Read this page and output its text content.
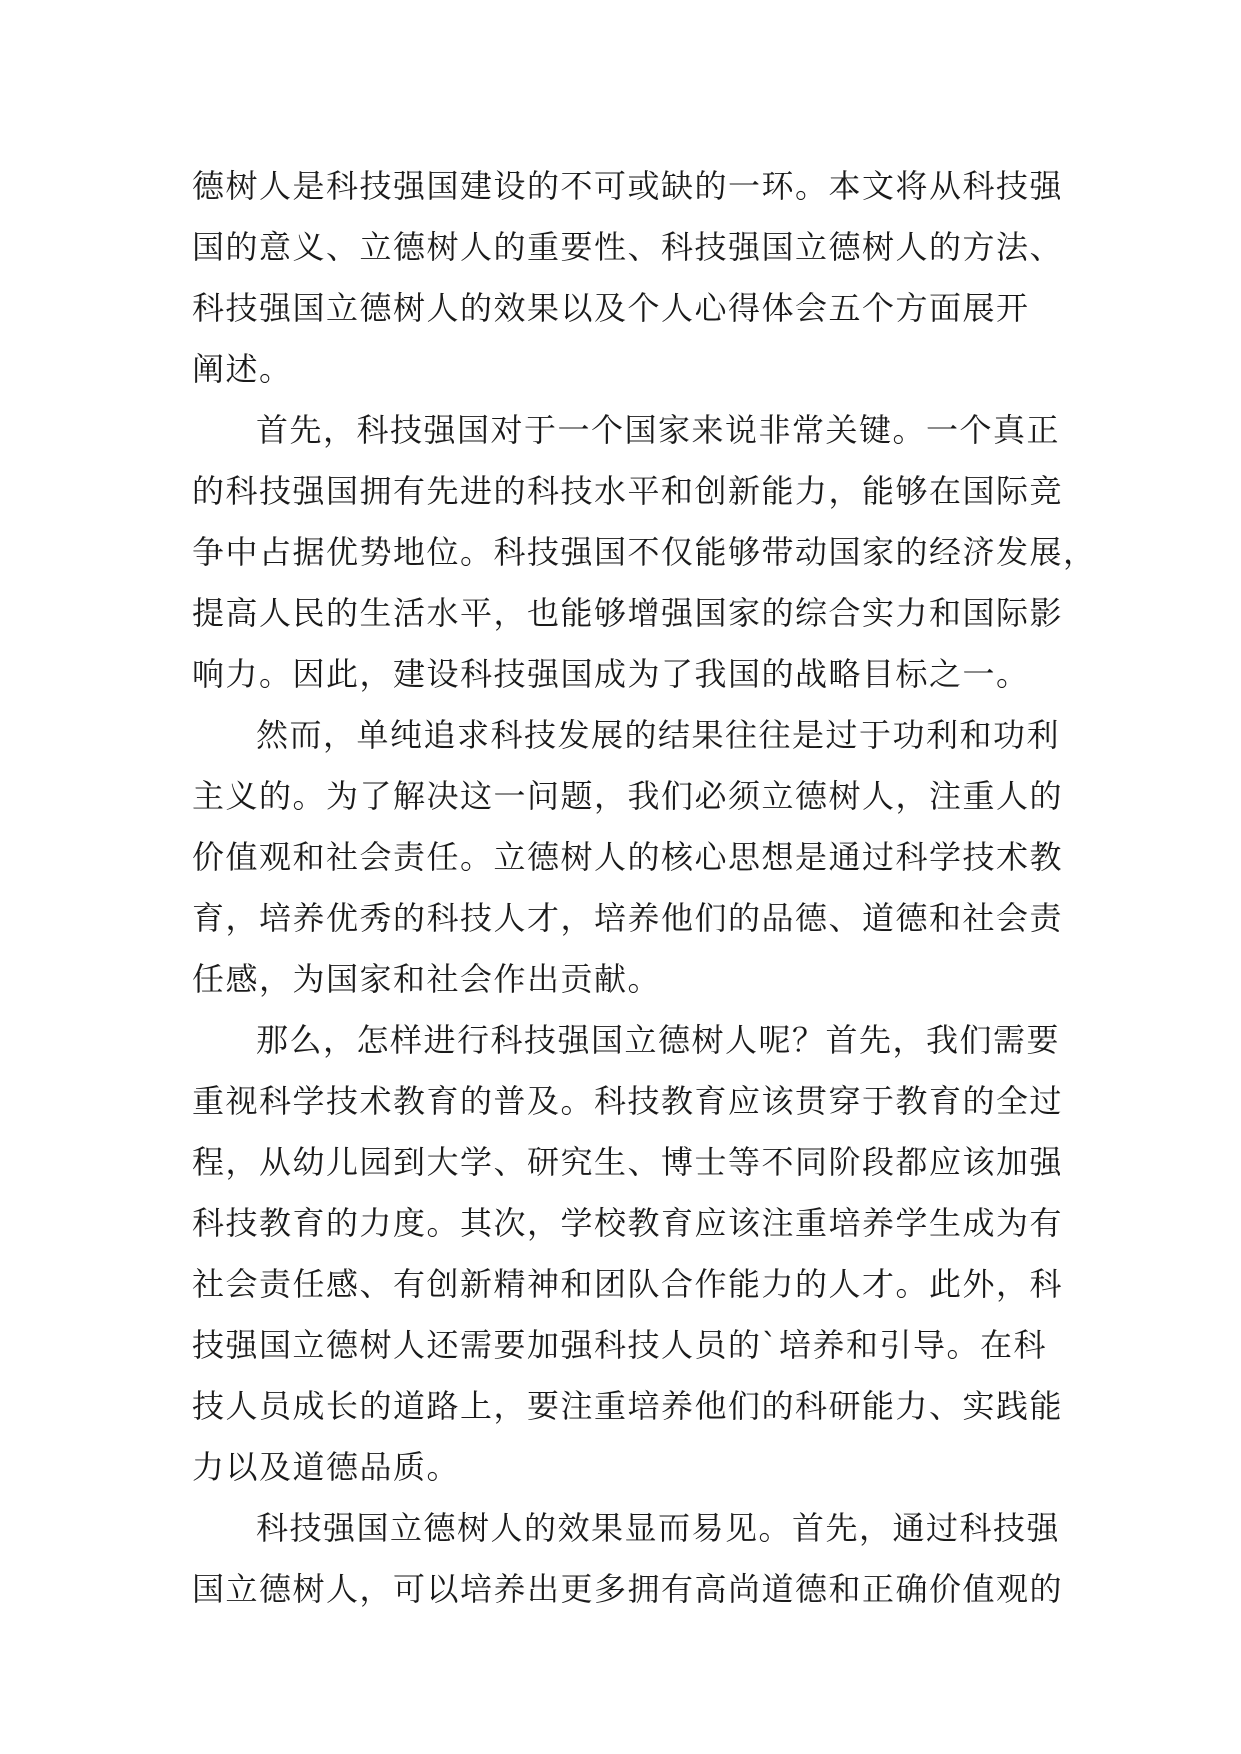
德树人是科技强国建设的不可或缺的一环。本文将从科技强
国的意义、立德树人的重要性、科技强国立德树人的方法、
科技强国立德树人的效果以及个人心得体会五个方面展开
阐述。
首先，科技强国对于一个国家来说非常关键。一个真正
的科技强国拥有先进的科技水平和创新能力，能够在国际竞
争中占据优势地位。科技强国不仅能够带动国家的经济发展，
提高人民的生活水平，也能够增强国家的综合实力和国际影
响力。因此，建设科技强国成为了我国的战略目标之一。
然而，单纯追求科技发展的结果往往是过于功利和功利
主义的。为了解决这一问题，我们必须立德树人，注重人的
价值观和社会责任。立德树人的核心思想是通过科学技术教
育，培养优秀的科技人才，培养他们的品德、道德和社会责
任感，为国家和社会作出贡献。
那么，怎样进行科技强国立德树人呢？首先，我们需要
重视科学技术教育的普及。科技教育应该贯穿于教育的全过
程，从幼儿园到大学、研究生、博士等不同阶段都应该加强
科技教育的力度。其次，学校教育应该注重培养学生成为有
社会责任感、有创新精神和团队合作能力的人才。此外，科
技强国立德树人还需要加强科技人员的`培养和引导。在科
技人员成长的道路上，要注重培养他们的科研能力、实践能
力以及道德品质。
科技强国立德树人的效果显而易见。首先，通过科技强
国立德树人，可以培养出更多拥有高尚道德和正确价值观的
